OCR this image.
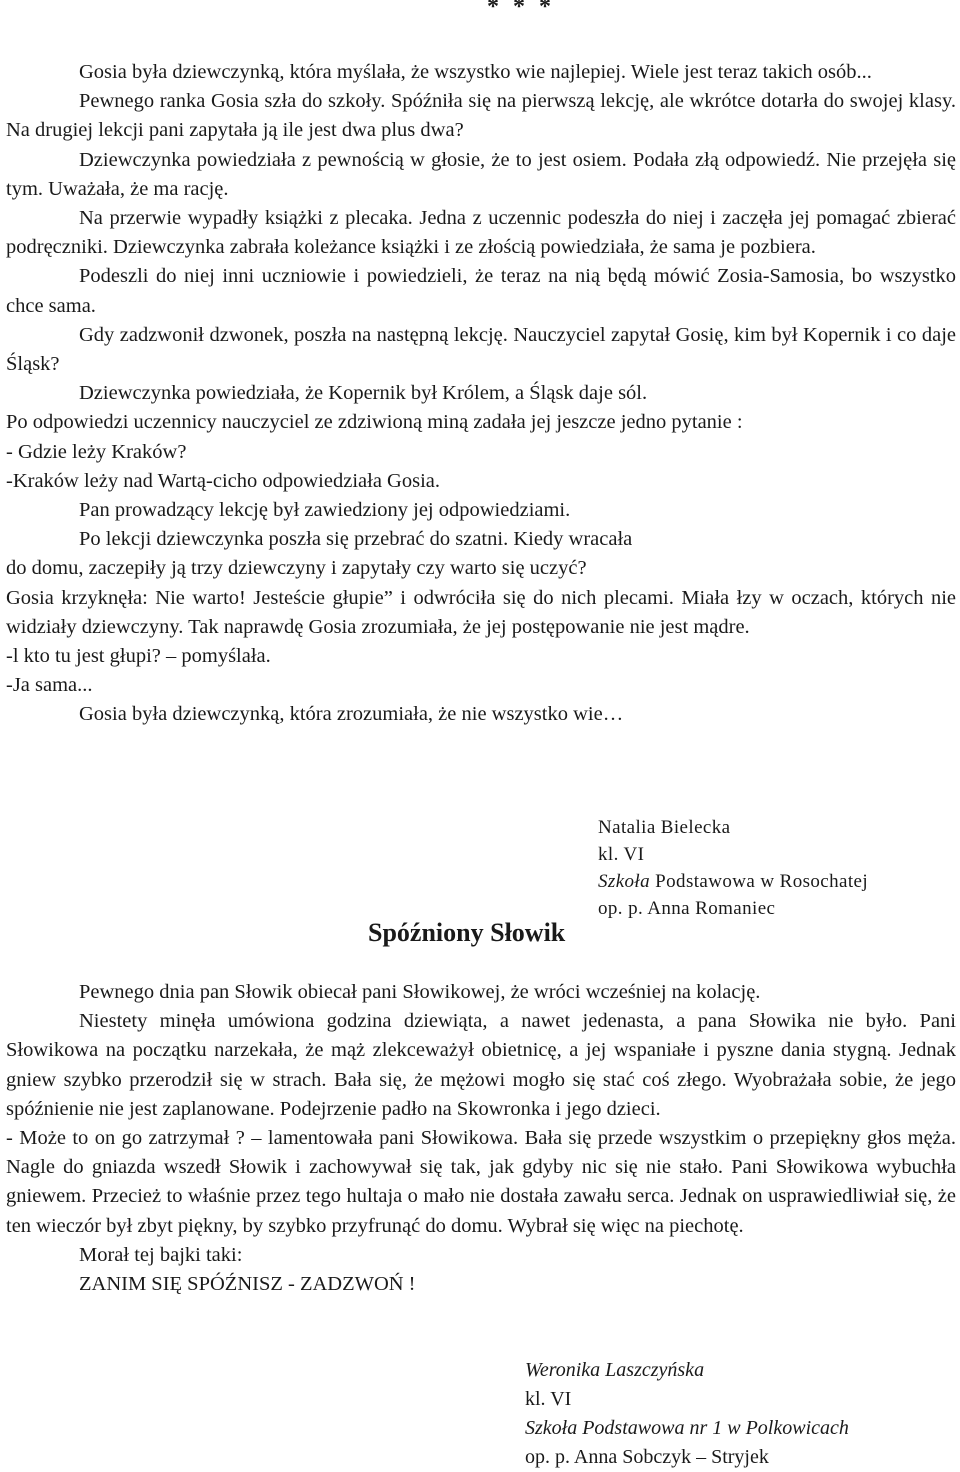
* * *

Gosia była dziewczynką, która myślała, że wszystko wie najlepiej. Wiele jest teraz takich osób...

Pewnego ranka Gosia szła do szkoły. Spóźniła się na pierwszą lekcję, ale wkrótce dotarła do swojej klasy. Na drugiej lekcji pani zapytała ją ile jest dwa plus dwa?

Dziewczynka powiedziała z pewnością w głosie, że to jest osiem. Podała złą odpowiedź. Nie przejęła się tym. Uważała, że ma rację.

Na przerwie wypadły książki z plecaka. Jedna z uczennic podeszła do niej i zaczęła jej pomagać zbierać podręczniki. Dziewczynka zabrała koleżance książki i ze złością powiedziała, że sama je pozbiera.

Podeszli do niej inni uczniowie i powiedzieli, że teraz na nią będą mówić Zosia-Samosia, bo wszystko chce sama.

Gdy zadzwonił dzwonek, poszła na następną lekcję. Nauczyciel zapytał Gosię, kim był Kopernik i co daje Śląsk?

Dziewczynka powiedziała, że Kopernik był Królem, a Śląsk daje sól.

Po odpowiedzi uczennicy nauczyciel ze zdziwioną miną zadała jej jeszcze jedno pytanie :

- Gdzie leży Kraków?

-Kraków leży nad Wartą-cicho odpowiedziała Gosia.

Pan prowadzący lekcję był zawiedziony jej odpowiedziami.

Po lekcji dziewczynka poszła się przebrać do szatni. Kiedy wracała

do domu, zaczepiły ją trzy dziewczyny i zapytały czy warto się uczyć?

Gosia krzyknęła: Nie warto! Jesteście głupie” i odwróciła się do nich plecami. Miała łzy w oczach, których nie widziały dziewczyny. Tak naprawdę Gosia zrozumiała, że jej postępowanie nie jest mądre.

-l kto tu jest głupi? – pomyślała.

-Ja sama...

Gosia była dziewczynką, która zrozumiała, że nie wszystko wie…

Natalia Bielecka
kl. VI
Szkoła Podstawowa w Rosochatej
op. p. Anna Romaniec
Spóźniony Słowik

Pewnego dnia pan Słowik obiecał pani Słowikowej, że wróci wcześniej na kolację.

Niestety minęła umówiona godzina dziewiąta, a nawet jedenasta, a pana Słowika nie było. Pani Słowikowa na początku narzekała, że mąż zlekceważył obietnicę, a jej wspaniałe i pyszne dania stygną. Jednak gniew szybko przerodził się w strach. Bała się, że mężowi mogło się stać coś złego. Wyobrażała sobie, że jego spóźnienie nie jest zaplanowane. Podejrzenie padło na Skowronka i jego dzieci.

- Może to on go zatrzymał ? – lamentowała pani Słowikowa. Bała się przede wszystkim o przepiękny głos męża. Nagle do gniazda wszedł Słowik i zachowywał się tak, jak gdyby nic się nie stało. Pani Słowikowa wybuchła gniewem. Przecież to właśnie przez tego hultaja o mało nie dostała zawału serca. Jednak on usprawiedliwiał się, że ten wieczór był zbyt piękny, by szybko przyfrunąć do domu. Wybrał się więc na piechotę.

Morał tej bajki taki:

ZANIM SIĘ SPÓŹNISZ - ZADZWOŃ !

Weronika Laszczyńska
kl. VI
Szkoła Podstawowa nr 1 w Polkowicach
op. p. Anna Sobczyk – Stryjek
